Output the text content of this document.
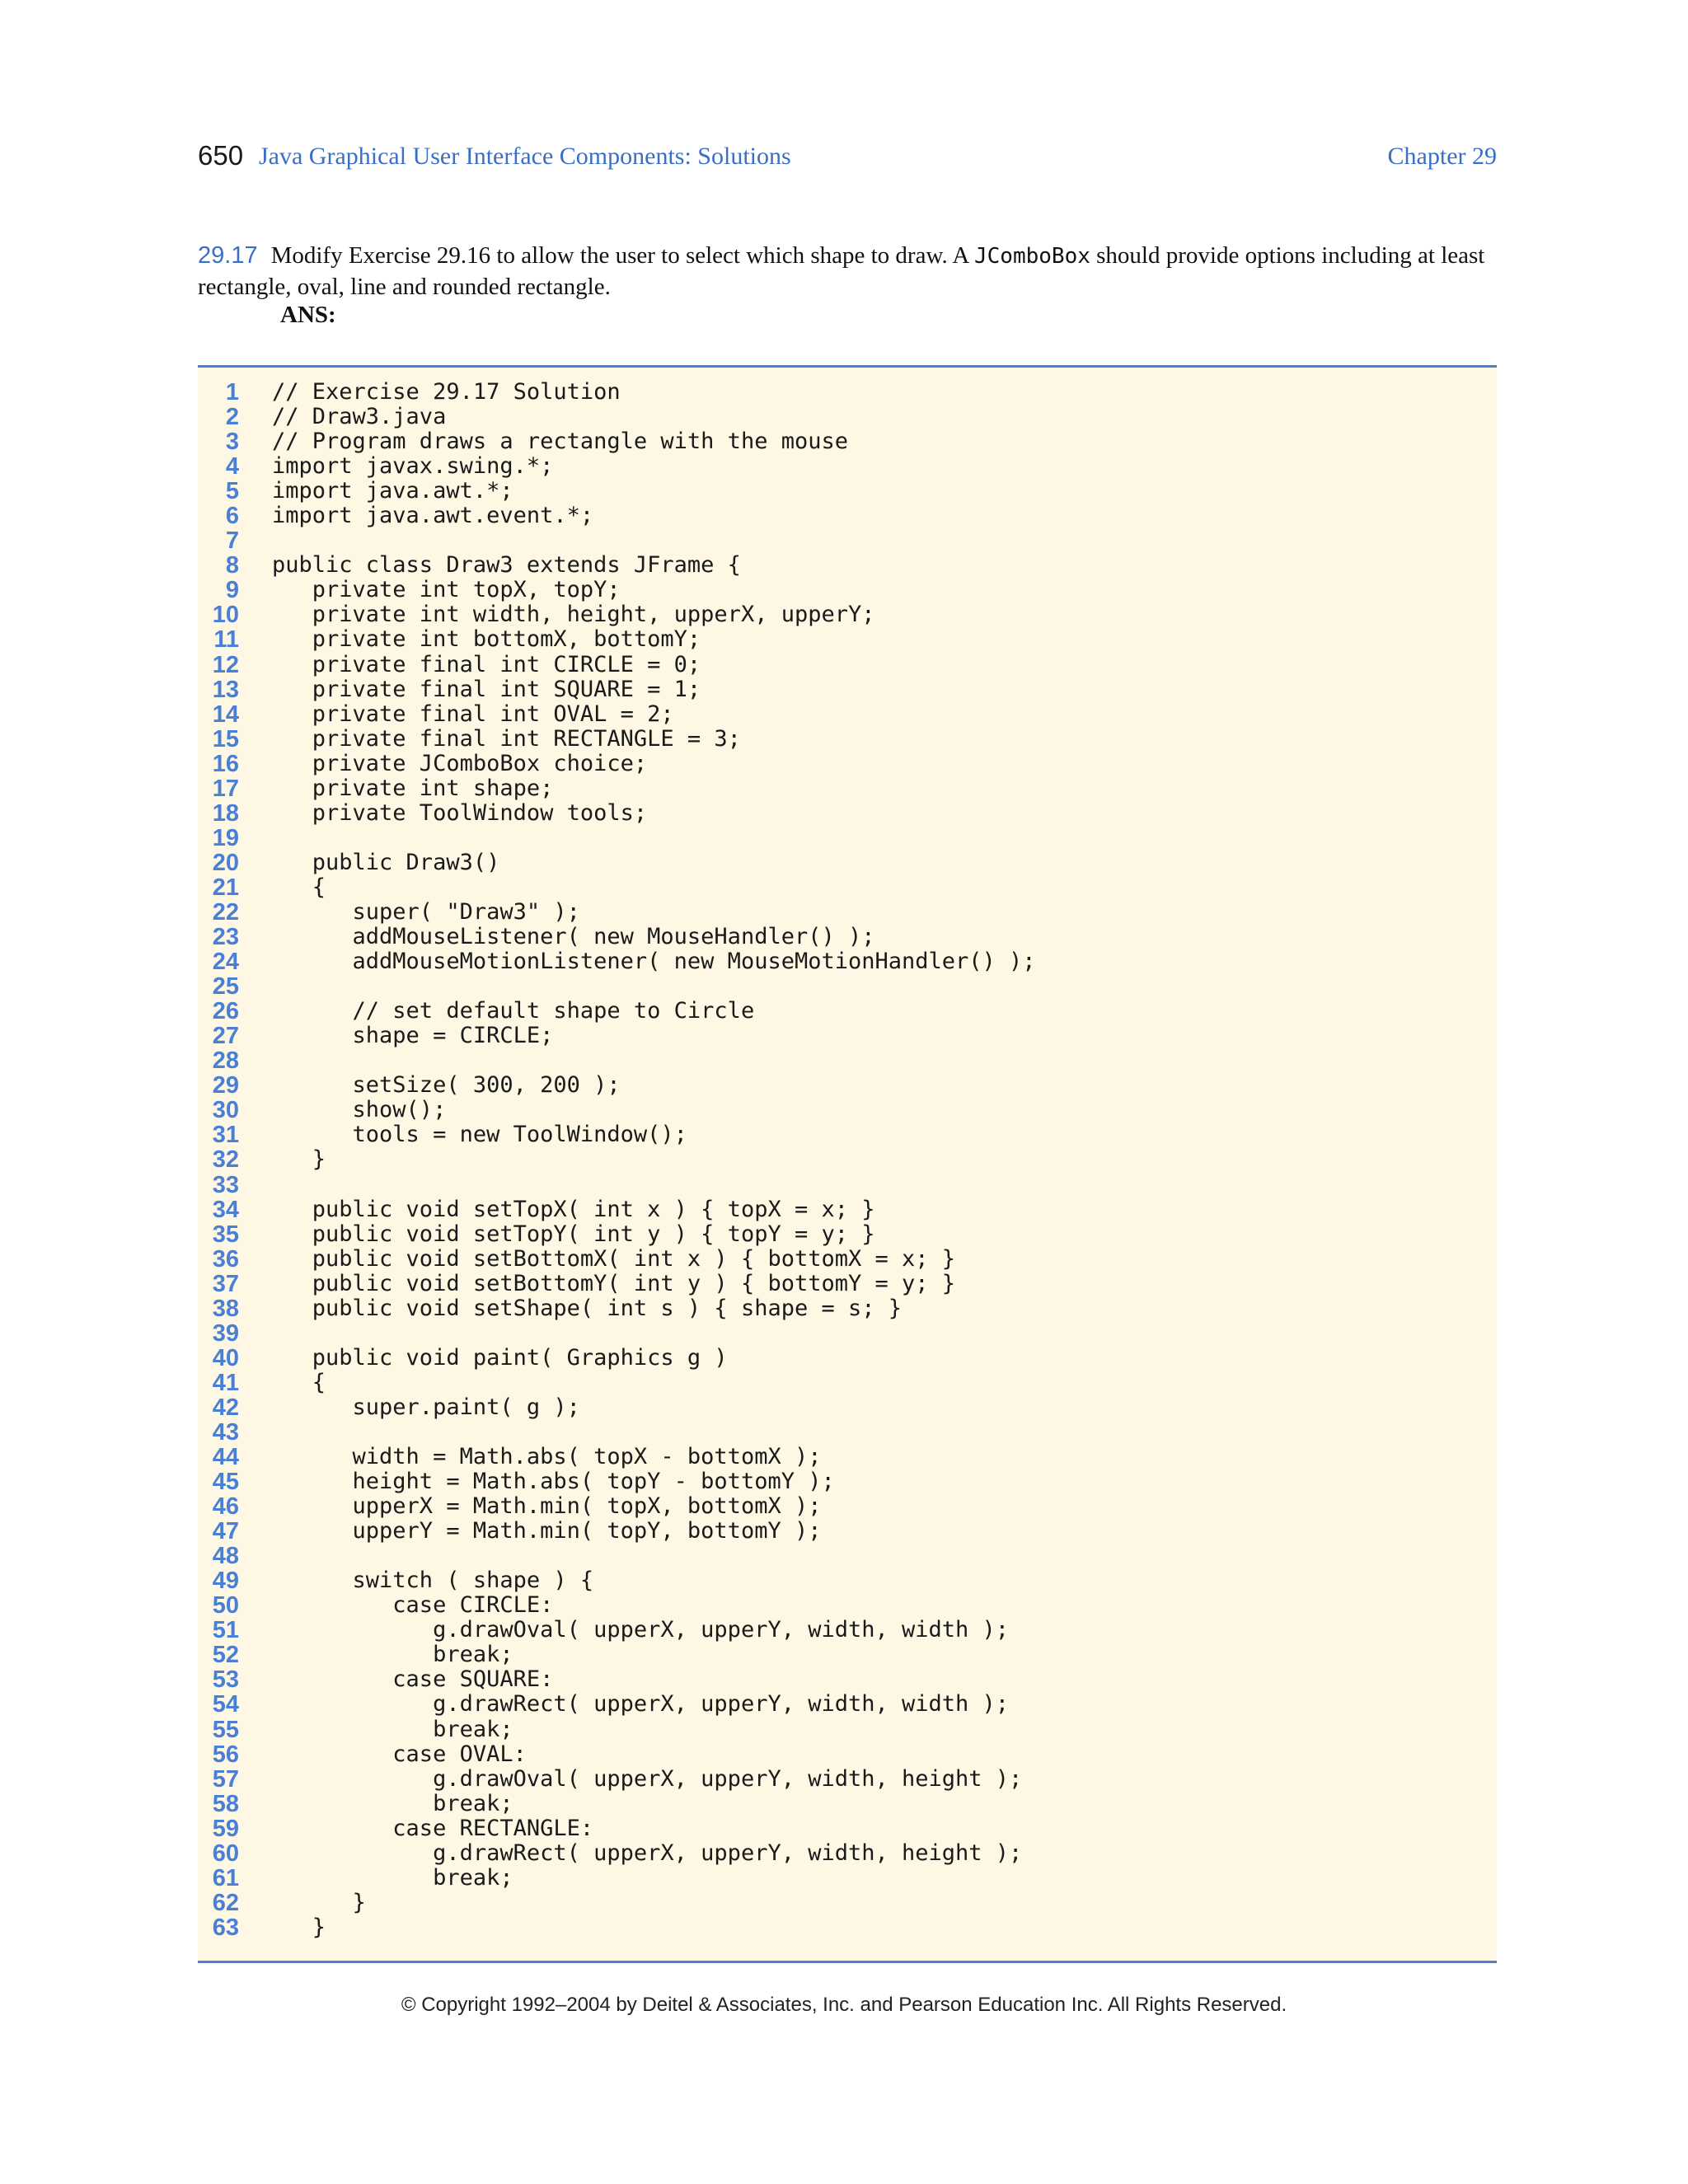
650 Java Graphical User Interface Components: Solutions	Chapter 29
29.17 Modify Exercise 29.16 to allow the user to select which shape to draw. A JComboBox should provide options including at least rectangle, oval, line and rounded rectangle.
ANS:
1 // Exercise 29.17 Solution
2 // Draw3.java
3 // Program draws a rectangle with the mouse
4 import javax.swing.*;
5 import java.awt.*;
6 import java.awt.event.*;
7
8 public class Draw3 extends JFrame {
9 private int topX, topY;
10 private int width, height, upperX, upperY;
11 private int bottomX, bottomY;
12 private final int CIRCLE = 0;
13 private final int SQUARE = 1;
14 private final int OVAL = 2;
15 private final int RECTANGLE = 3;
16 private JComboBox choice;
17 private int shape;
18 private ToolWindow tools;
19
20 public Draw3()
21 {
22 super( "Draw3" );
23 addMouseListener( new MouseHandler() );
24 addMouseMotionListener( new MouseMotionHandler() );
25
26 // set default shape to Circle
27 shape = CIRCLE;
28
29 setSize( 300, 200 );
30 show();
31 tools = new ToolWindow();
32 }
33
34 public void setTopX( int x ) { topX = x; }
35 public void setTopY( int y ) { topY = y; }
36 public void setBottomX( int x ) { bottomX = x; }
37 public void setBottomY( int y ) { bottomY = y; }
38 public void setShape( int s ) { shape = s; }
39
40 public void paint( Graphics g )
41 {
42 super.paint( g );
43
44 width = Math.abs( topX - bottomX );
45 height = Math.abs( topY - bottomY );
46 upperX = Math.min( topX, bottomX );
47 upperY = Math.min( topY, bottomY );
48
49 switch ( shape ) {
50 case CIRCLE:
51 g.drawOval( upperX, upperY, width, width );
52 break;
53 case SQUARE:
54 g.drawRect( upperX, upperY, width, width );
55 break;
56 case OVAL:
57 g.drawOval( upperX, upperY, width, height );
58 break;
59 case RECTANGLE:
60 g.drawRect( upperX, upperY, width, height );
61 break;
62 }
63 }
© Copyright 1992–2004 by Deitel & Associates, Inc. and Pearson Education Inc. All Rights Reserved.
